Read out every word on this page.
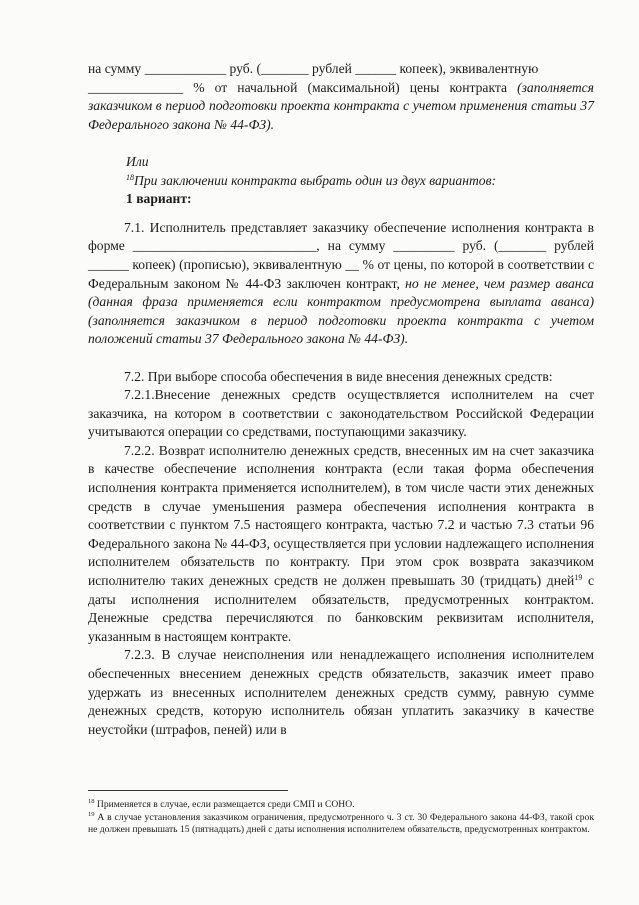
на сумму ____________ руб. (_______ рублей ______ копеек), эквивалентную

______________ % от начальной (максимальной) цены контракта (заполняется заказчиком в период подготовки проекта контракта с учетом применения статьи 37 Федерального закона № 44-ФЗ).

Или

$^{18}$При заключении контракта выбрать один из двух вариантов:

1 вариант:

7.1. Исполнитель представляет заказчику обеспечение исполнения контракта в форме ___________________________, на сумму _________ руб. (_______ рублей ______ копеек) (прописью), эквивалентную __ % от цены, по которой в соответствии с Федеральным законом № 44-ФЗ заключен контракт, но не менее, чем размер аванса (данная фраза применяется если контрактом предусмотрена выплата аванса) (заполняется заказчиком в период подготовки проекта контракта с учетом положений статьи 37 Федерального закона № 44-ФЗ).

7.2. При выборе способа обеспечения в виде внесения денежных средств:

7.2.1.Внесение денежных средств осуществляется исполнителем на счет заказчика, на котором в соответствии с законодательством Российской Федерации учитываются операции со средствами, поступающими заказчику.

7.2.2. Возврат исполнителю денежных средств, внесенных им на счет заказчика в качестве обеспечение исполнения контракта (если такая форма обеспечения исполнения контракта применяется исполнителем), в том числе части этих денежных средств в случае уменьшения размера обеспечения исполнения контракта в соответствии с пунктом 7.5 настоящего контракта, частью 7.2 и частью 7.3 статьи 96 Федерального закона № 44-ФЗ, осуществляется при условии надлежащего исполнения исполнителем обязательств по контракту. При этом срок возврата заказчиком исполнителю таких денежных средств не должен превышать 30 (тридцать) дней$^{19}$ с даты исполнения исполнителем обязательств, предусмотренных контрактом. Денежные средства перечисляются по банковским реквизитам исполнителя, указанным в настоящем контракте.

7.2.3. В случае неисполнения или ненадлежащего исполнения исполнителем обеспеченных внесением денежных средств обязательств, заказчик имеет право удержать из внесенных исполнителем денежных средств сумму, равную сумме денежных средств, которую исполнитель обязан уплатить заказчику в качестве неустойки (штрафов, пеней) или в

$^{18}$ Применяется в случае, если размещается среди СМП и СОНО.

$^{19}$ А в случае установления заказчиком ограничения, предусмотренного ч. 3 ст. 30 Федерального закона 44-ФЗ, такой срок не должен превышать 15 (пятнадцать) дней с даты исполнения исполнителем обязательств, предусмотренных контрактом.
